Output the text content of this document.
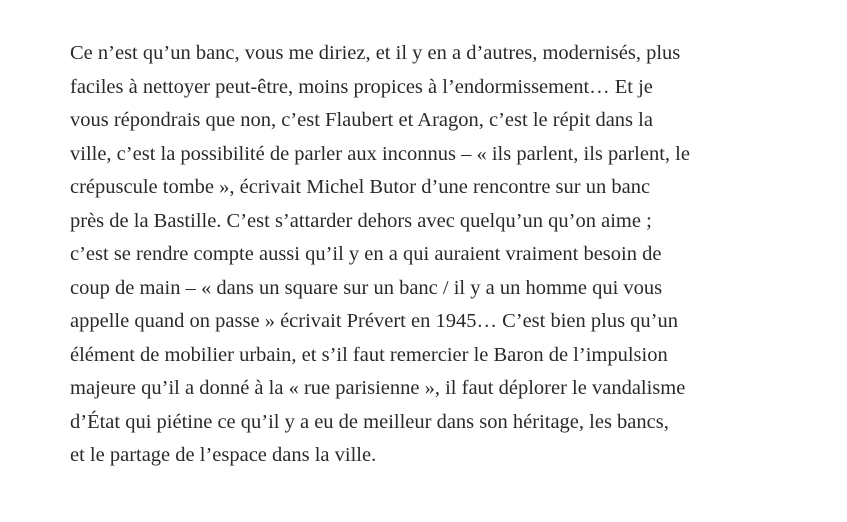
Ce n’est qu’un banc, vous me diriez, et il y en a d’autres, modernisés, plus
faciles à nettoyer peut-être, moins propices à l’endormissement… Et je
vous répondrais que non, c’est Flaubert et Aragon, c’est le répit dans la
ville, c’est la possibilité de parler aux inconnus – « ils parlent, ils parlent, le
crépuscule tombe », écrivait Michel Butor d’une rencontre sur un banc
près de la Bastille. C’est s’attarder dehors avec quelqu’un qu’on aime ;
c’est se rendre compte aussi qu’il y en a qui auraient vraiment besoin de
coup de main – « dans un square sur un banc / il y a un homme qui vous
appelle quand on passe » écrivait Prévert en 1945… C’est bien plus qu’un
élément de mobilier urbain, et s’il faut remercier le Baron de l’impulsion
majeure qu’il a donné à la « rue parisienne », il faut déplorer le vandalisme
d’État qui piétine ce qu’il y a eu de meilleur dans son héritage, les bancs,
et le partage de l’espace dans la ville.
